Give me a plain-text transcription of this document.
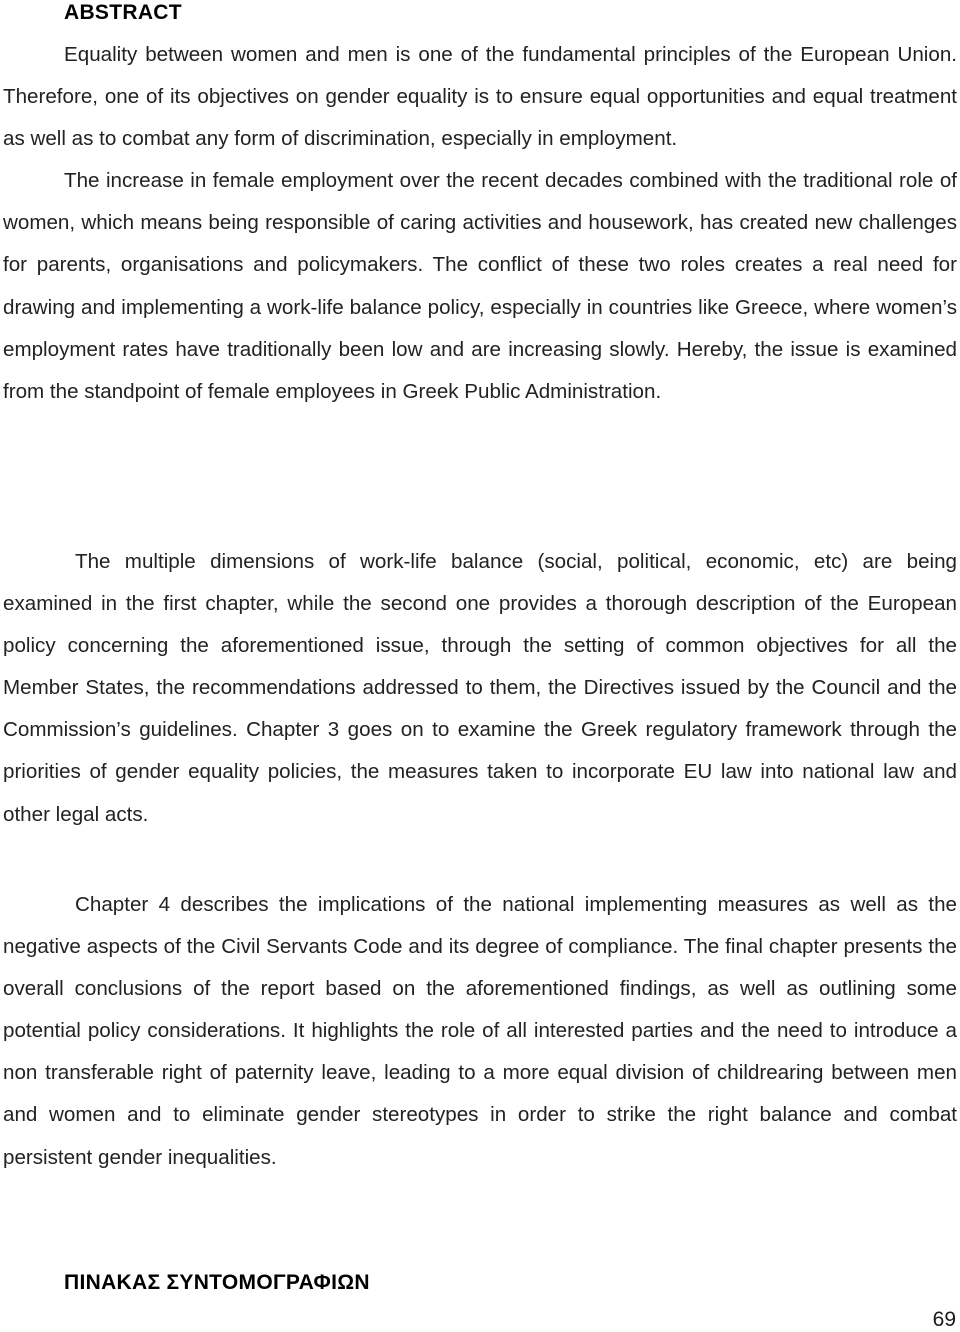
ABSTRACT

Equality between women and men is one of the fundamental principles of the European Union. Therefore, one of its objectives on gender equality is to ensure equal opportunities and equal treatment as well as to combat any form of discrimination, especially in employment.

The increase in female employment over the recent decades combined with the traditional role of women, which means being responsible of caring activities and housework, has created new challenges for parents, organisations and policymakers. The conflict of these two roles creates a real need for drawing and implementing a work-life balance policy, especially in countries like Greece, where women’s employment rates have traditionally been low and are increasing slowly. Hereby, the issue is examined from the standpoint of female employees in Greek Public Administration.

The multiple dimensions of work-life balance (social, political, economic, etc) are being examined in the first chapter, while the second one provides a thorough description of the European policy concerning the aforementioned issue, through the setting of common objectives for all the Member States, the recommendations addressed to them, the Directives issued by the Council and the Commission’s guidelines. Chapter 3 goes on to examine the Greek regulatory framework through the priorities of gender equality policies, the measures taken to incorporate EU law into national law and other legal acts.

Chapter 4 describes the implications of the national implementing measures as well as the negative aspects of the Civil Servants Code and its degree of compliance. The final chapter presents the overall conclusions of the report based on the aforementioned findings, as well as outlining some potential policy considerations. It highlights the role of all interested parties and the need to introduce a non transferable right of paternity leave, leading to a more equal division of childrearing between men and women and to eliminate gender stereotypes in order to strike the right balance and combat persistent gender inequalities.

ΠΙΝΑΚΑΣ ΣΥΝΤΟΜΟΓΡΑΦΙΩΝ
69
